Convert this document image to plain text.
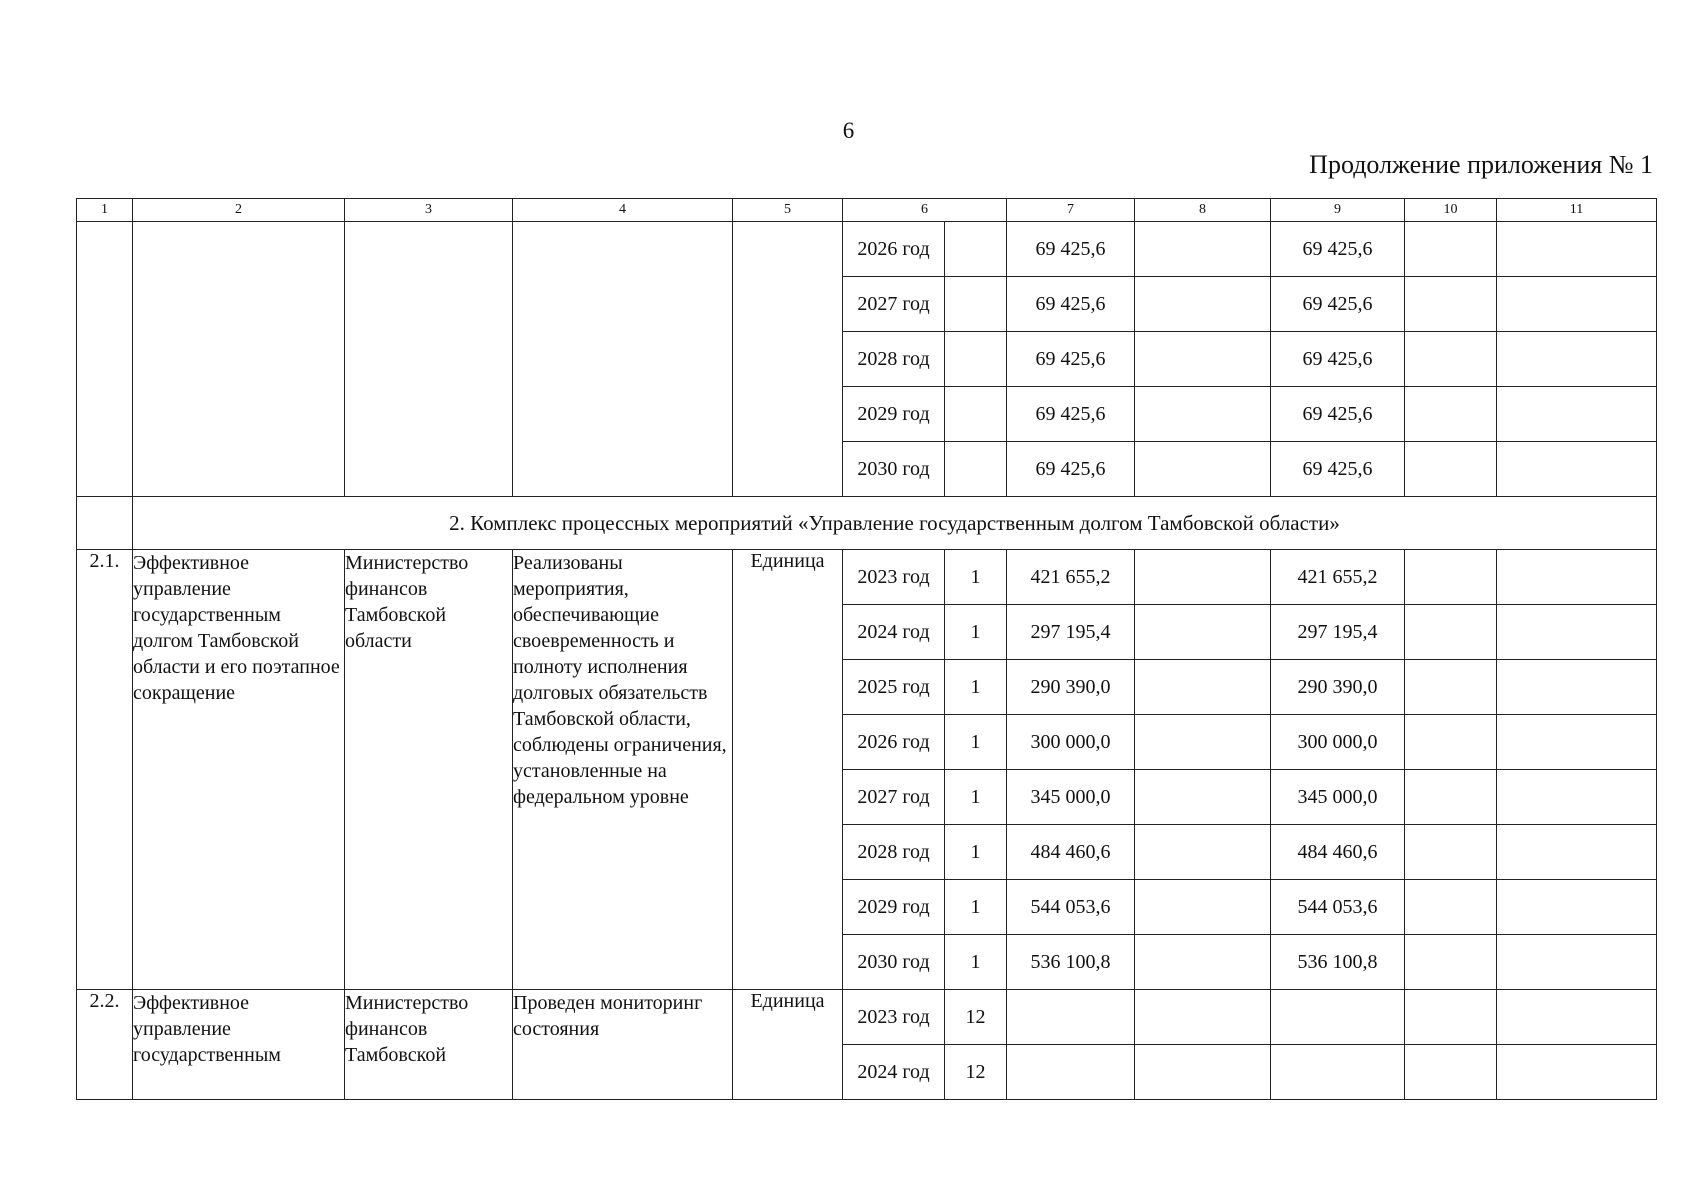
6
Продолжение приложения № 1
1	2	3	4	5	6		7	8	9	10	11
					2026 год		69 425,6		69 425,6		
					2027 год		69 425,6		69 425,6		
					2028 год		69 425,6		69 425,6		
					2029 год		69 425,6		69 425,6		
					2030 год		69 425,6		69 425,6		
	2. Комплекс процессных мероприятий «Управление государственным долгом Тамбовской области»										
2.1.	Эффективное управление государственным долгом Тамбовской области и его поэтапное сокращение	Министерство финансов Тамбовской области	Реализованы мероприятия, обеспечивающие своевременность и полноту исполнения долговых обязательств Тамбовской области, соблюдены ограничения, установленные на федеральном уровне	Единица	2023 год	1	421 655,2		421 655,2		
					2024 год	1	297 195,4		297 195,4		
					2025 год	1	290 390,0		290 390,0		
					2026 год	1	300 000,0		300 000,0		
					2027 год	1	345 000,0		345 000,0		
					2028 год	1	484 460,6		484 460,6		
					2029 год	1	544 053,6		544 053,6		
					2030 год	1	536 100,8		536 100,8		
2.2.	Эффективное управление государственным	Министерство финансов Тамбовской	Проведен мониторинг состояния	Единица	2023 год	12					
					2024 год	12					
